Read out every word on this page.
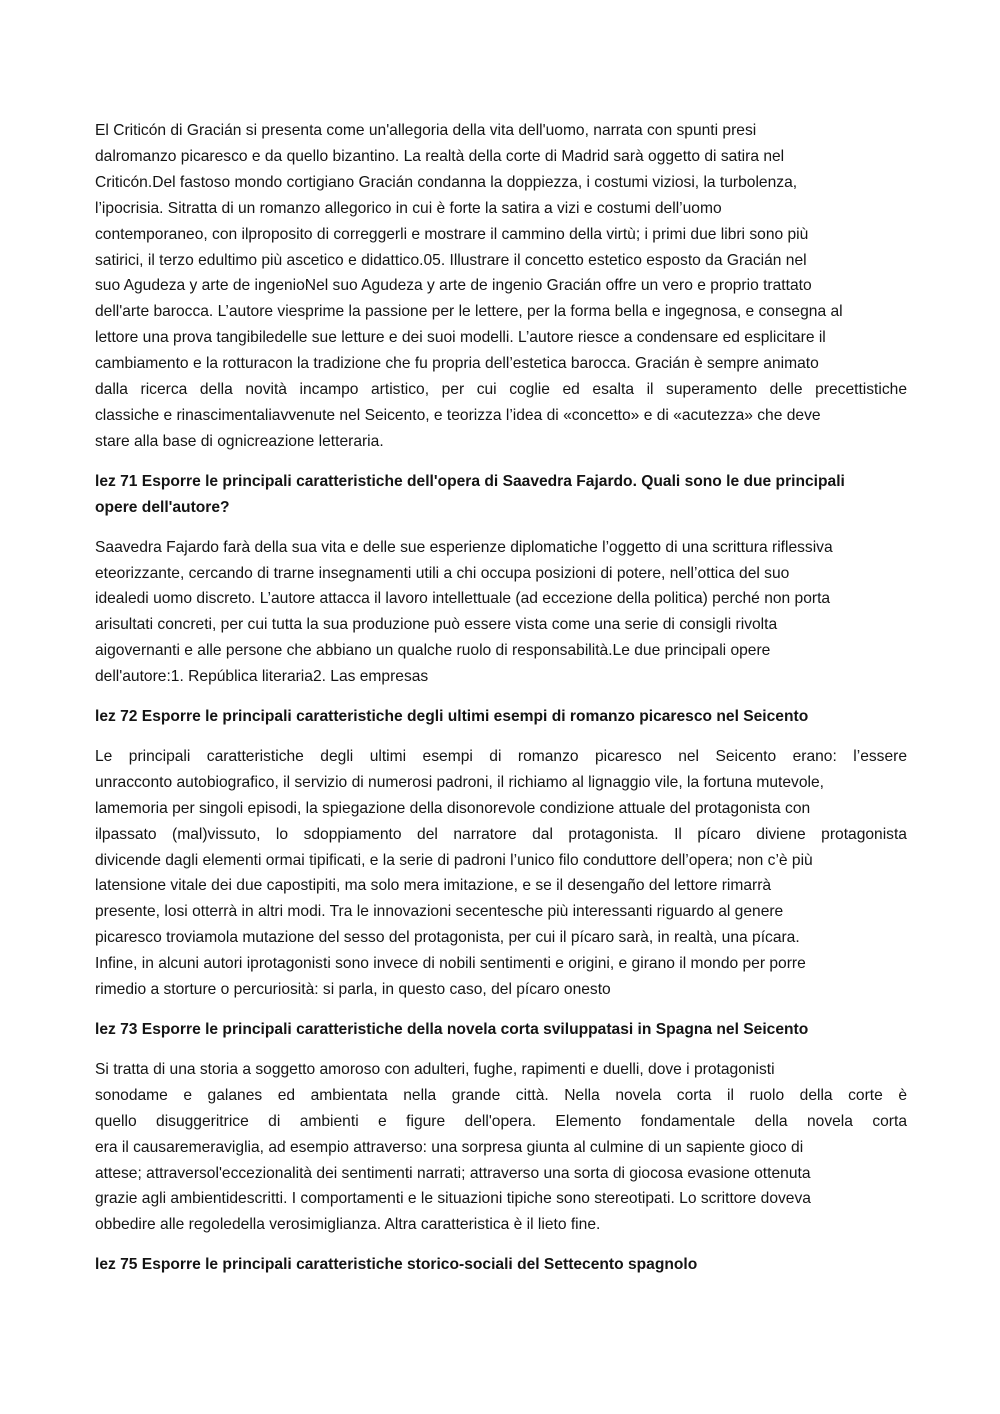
El Criticón di Gracián si presenta come un'allegoria della vita dell'uomo, narrata con spunti presi
dalromanzo picaresco e da quello bizantino. La realtà della corte di Madrid sarà oggetto di satira nel
Criticón.Del fastoso mondo cortigiano Gracián condanna la doppiezza, i costumi viziosi, la turbolenza,
l’ipocrisia. Sitratta di un romanzo allegorico in cui è forte la satira a vizi e costumi dell’uomo
contemporaneo, con ilproposito di correggerli e mostrare il cammino della virtù; i primi due libri sono più
satirici, il terzo edultimo più ascetico e didattico.05. Illustrare il concetto estetico esposto da Gracián nel
suo Agudeza y arte de ingenioNel suo Agudeza y arte de ingenio Gracián offre un vero e proprio trattato
dell'arte barocca. L’autore viesprime la passione per le lettere, per la forma bella e ingegnosa, e consegna al
lettore una prova tangibiledelle sue letture e dei suoi modelli. L’autore riesce a condensare ed esplicitare il
cambiamento e la rotturacon la tradizione che fu propria dell’estetica barocca. Gracián è sempre animato
dalla ricerca della novità incampo artistico, per cui coglie ed esalta il superamento delle precettistiche
classiche e rinascimentaliavvenute nel Seicento, e teorizza l’idea di «concetto» e di «acutezza» che deve
stare alla base di ognicreazione letteraria.

lez 71 Esporre le principali caratteristiche dell'opera di Saavedra Fajardo. Quali sono le due principali
opere dell'autore?

Saavedra Fajardo farà della sua vita e delle sue esperienze diplomatiche l’oggetto di una scrittura riflessiva
eteorizzante, cercando di trarne insegnamenti utili a chi occupa posizioni di potere, nell’ottica del suo
idealedi uomo discreto. L’autore attacca il lavoro intellettuale (ad eccezione della politica) perché non porta
arisultati concreti, per cui tutta la sua produzione può essere vista come una serie di consigli rivolta
aigovernanti e alle persone che abbiano un qualche ruolo di responsabilità.Le due principali opere
dell'autore:1. República literaria2. Las empresas

lez 72 Esporre le principali caratteristiche degli ultimi esempi di romanzo picaresco nel Seicento

Le principali caratteristiche degli ultimi esempi di romanzo picaresco nel Seicento erano: l’essere
unracconto autobiografico, il servizio di numerosi padroni, il richiamo al lignaggio vile, la fortuna mutevole,
lamemoria per singoli episodi, la spiegazione della disonorevole condizione attuale del protagonista con
ilpassato (mal)vissuto, lo sdoppiamento del narratore dal protagonista. Il pícaro diviene protagonista
divicende dagli elementi ormai tipificati, e la serie di padroni l’unico filo conduttore dell’opera; non c’è più
latensione vitale dei due capostipiti, ma solo mera imitazione, e se il desengaño del lettore rimarrà
presente, losi otterrà in altri modi. Tra le innovazioni secentesche più interessanti riguardo al genere
picaresco troviamola mutazione del sesso del protagonista, per cui il pícaro sarà, in realtà, una pícara.
Infine, in alcuni autori iprotagonisti sono invece di nobili sentimenti e origini, e girano il mondo per porre
rimedio a storture o percuriosità: si parla, in questo caso, del pícaro onesto

lez 73 Esporre le principali caratteristiche della novela corta sviluppatasi in Spagna nel Seicento

Si tratta di una storia a soggetto amoroso con adulteri, fughe, rapimenti e duelli, dove i protagonisti
sonodame e galanes ed ambientata nella grande città. Nella novela corta il ruolo della corte è
quello disuggeritrice di ambienti e figure dell'opera. Elemento fondamentale della novela corta
era il causaremeraviglia, ad esempio attraverso: una sorpresa giunta al culmine di un sapiente gioco di
attese; attraversol'eccezionalità dei sentimenti narrati; attraverso una sorta di giocosa evasione ottenuta
grazie agli ambientidescritti. I comportamenti e le situazioni tipiche sono stereotipati. Lo scrittore doveva
obbedire alle regoledella verosimiglianza. Altra caratteristica è il lieto fine.

lez 75 Esporre le principali caratteristiche storico-sociali del Settecento spagnolo
